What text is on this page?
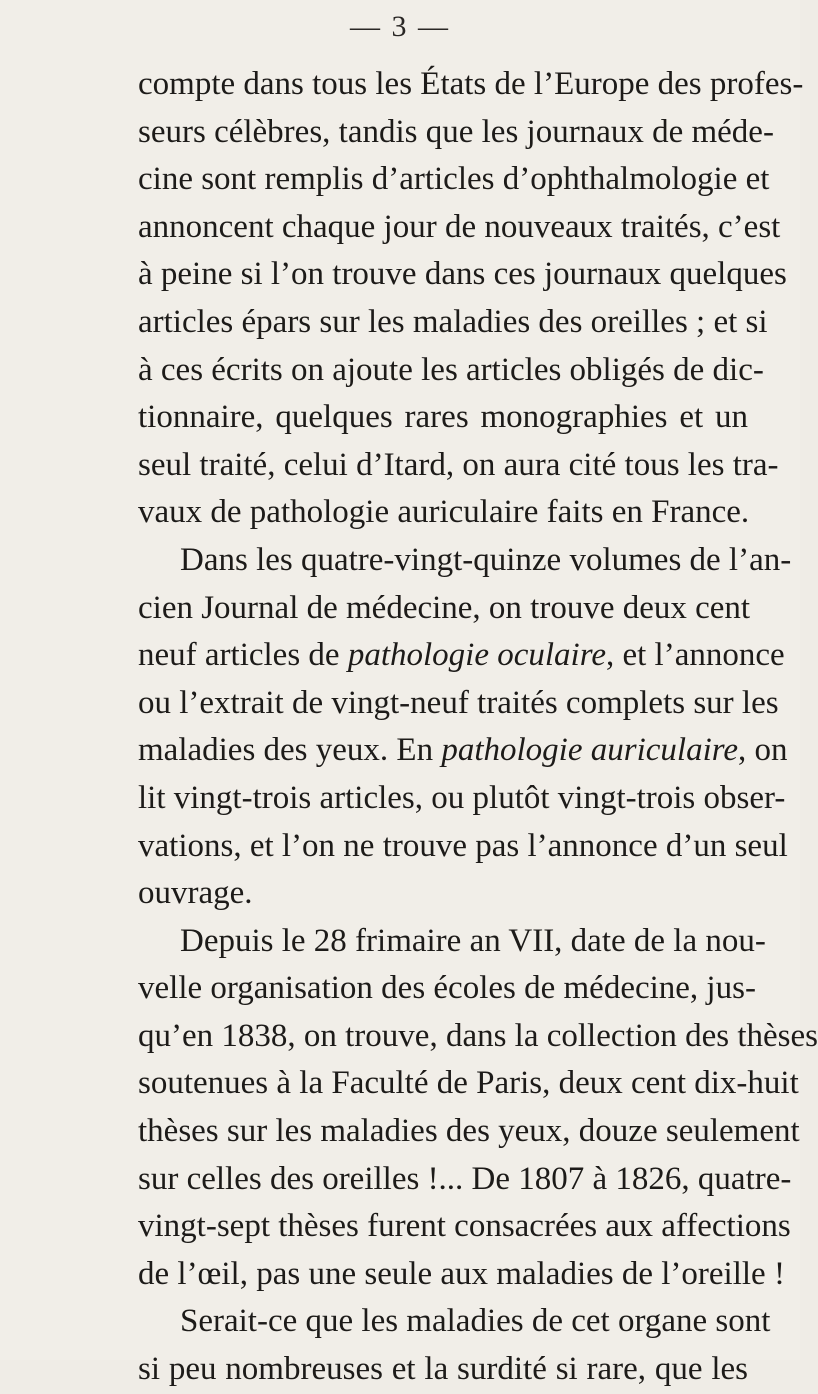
— 3 —
compte dans tous les États de l’Europe des profes-
seurs célèbres, tandis que les journaux de méde-
cine sont remplis d’articles d’ophthalmologie et
annoncent chaque jour de nouveaux traités, c’est
à peine si l’on trouve dans ces journaux quelques
articles épars sur les maladies des oreilles ; et si
à ces écrits on ajoute les articles obligés de dic-
tionnaire, quelques rares monographies et un
seul traité, celui d’Itard, on aura cité tous les tra-
vaux de pathologie auriculaire faits en France.
Dans les quatre-vingt-quinze volumes de l’an-
cien Journal de médecine, on trouve deux cent
neuf articles de pathologie oculaire, et l’annonce
ou l’extrait de vingt-neuf traités complets sur les
maladies des yeux. En pathologie auriculaire, on
lit vingt-trois articles, ou plutôt vingt-trois obser-
vations, et l’on ne trouve pas l’annonce d’un seul
ouvrage.
Depuis le 28 frimaire an VII, date de la nou-
velle organisation des écoles de médecine, jus-
qu’en 1838, on trouve, dans la collection des thèses
soutenues à la Faculté de Paris, deux cent dix-huit
thèses sur les maladies des yeux, douze seulement
sur celles des oreilles !... De 1807 à 1826, quatre-
vingt-sept thèses furent consacrées aux affections
de l’œil, pas une seule aux maladies de l’oreille !
Serait-ce que les maladies de cet organe sont
si peu nombreuses et la surdité si rare, que les
